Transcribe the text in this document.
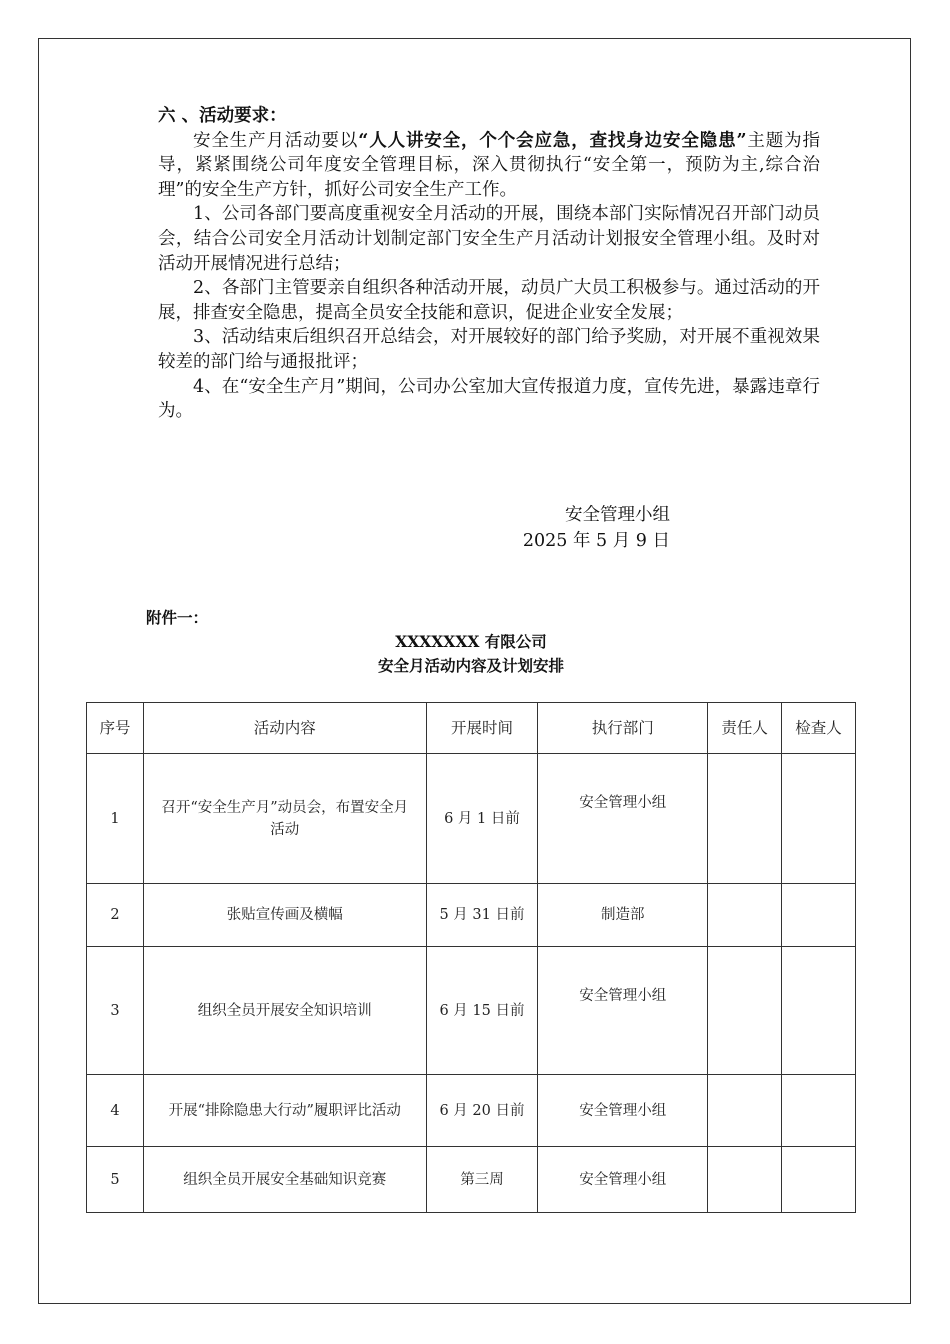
六 、活动要求：

安全生产月活动要以“人人讲安全，个个会应急，查找身边安全隐患”主题为指导，紧紧围绕公司年度安全管理目标，深入贯彻执行“安全第一，预防为主,综合治理”的安全生产方针，抓好公司安全生产工作。

1、公司各部门要高度重视安全月活动的开展，围绕本部门实际情况召开部门动员会，结合公司安全月活动计划制定部门安全生产月活动计划报安全管理小组。及时对活动开展情况进行总结；

2、各部门主管要亲自组织各种活动开展，动员广大员工积极参与。通过活动的开展，排查安全隐患，提高全员安全技能和意识，促进企业安全发展；

3、活动结束后组织召开总结会，对开展较好的部门给予奖励，对开展不重视效果较差的部门给与通报批评；

4、在“安全生产月”期间，公司办公室加大宣传报道力度，宣传先进，暴露违章行为。

安全管理小组
2025 年 5 月 9 日
附件一：
XXXXXXX 有限公司
安全月活动内容及计划安排
序号	活动内容	开展时间	执行部门	责任人	检查人
1	召开“安全生产月”动员会，布置安全月活动	6 月 1 日前	安全管理小组		
2	张贴宣传画及横幅	5 月 31 日前	制造部		
3	组织全员开展安全知识培训	6 月 15 日前	安全管理小组		
4	开展“排除隐患大行动”履职评比活动	6 月 20 日前	安全管理小组		
5	组织全员开展安全基础知识竞赛	第三周	安全管理小组		
